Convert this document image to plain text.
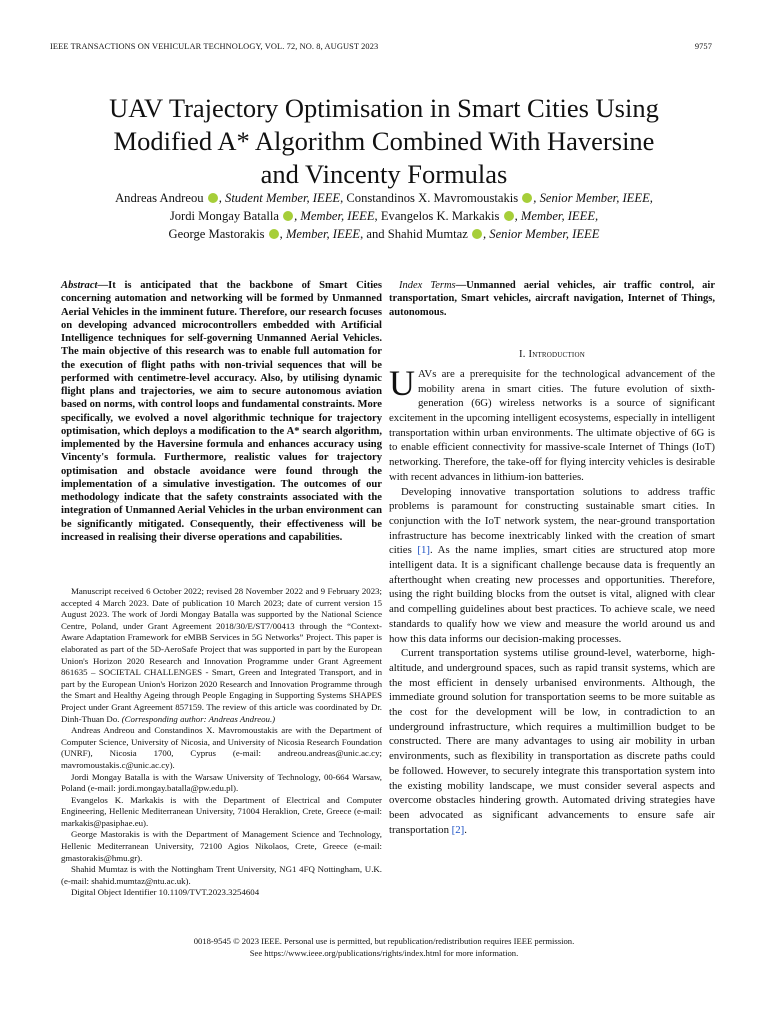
IEEE TRANSACTIONS ON VEHICULAR TECHNOLOGY, VOL. 72, NO. 8, AUGUST 2023	9757
UAV Trajectory Optimisation in Smart Cities Using
Modified A* Algorithm Combined With Haversine
and Vincenty Formulas
Andreas Andreou , Student Member, IEEE, Constandinos X. Mavromoustakis , Senior Member, IEEE,
Jordi Mongay Batalla , Member, IEEE, Evangelos K. Markakis , Member, IEEE,
George Mastorakis , Member, IEEE, and Shahid Mumtaz , Senior Member, IEEE
Abstract—It is anticipated that the backbone of Smart Cities concerning automation and networking will be formed by Unmanned Aerial Vehicles in the imminent future. Therefore, our research focuses on developing advanced microcontrollers embedded with Artificial Intelligence techniques for self-governing Unmanned Aerial Vehicles. The main objective of this research was to enable full automation for the execution of flight paths with non-trivial sequences that will be performed with centimetre-level accuracy. Also, by utilising dynamic flight plans and trajectories, we aim to secure autonomous aviation based on norms, with control loops and fundamental constraints. More specifically, we evolved a novel algorithmic technique for trajectory optimisation, which deploys a modification to the A* search algorithm, implemented by the Haversine formula and enhances accuracy using Vincenty's formula. Furthermore, realistic values for trajectory optimisation and obstacle avoidance were found through the implementation of a simulative investigation. The outcomes of our methodology indicate that the safety constraints associated with the integration of Unmanned Aerial Vehicles in the urban environment can be significantly mitigated. Consequently, their effectiveness will be increased in realising their diverse operations and capabilities.

Manuscript received 6 October 2022; revised 28 November 2022 and 9 February 2023; accepted 4 March 2023. Date of publication 10 March 2023; date of current version 15 August 2023. The work of Jordi Mongay Batalla was supported by the National Science Centre, Poland, under Grant Agreement 2018/30/E/ST7/00413 through the “Context-Aware Adaptation Framework for eMBB Services in 5G Networks” Project. This paper is elaborated as part of the 5D-AeroSafe Project that was supported in part by the European Union's Horizon 2020 Research and Innovation Programme under Grant Agreement 861635 – SOCIETAL CHALLENGES - Smart, Green and Integrated Transport, and in part by the European Union's Horizon 2020 Research and Innovation Programme through the Smart and Healthy Ageing through People Engaging in Supporting Systems SHAPES Project under Grant Agreement 857159. The review of this article was coordinated by Dr. Dinh-Thuan Do. (Corresponding author: Andreas Andreou.)

Andreas Andreou and Constandinos X. Mavromoustakis are with the Department of Computer Science, University of Nicosia, and University of Nicosia Research Foundation (UNRF), Nicosia 1700, Cyprus (e-mail: andreou.andreas@unic.ac.cy; mavromoustakis.c@unic.ac.cy).

Jordi Mongay Batalla is with the Warsaw University of Technology, 00-664 Warsaw, Poland (e-mail: jordi.mongay.batalla@pw.edu.pl).

Evangelos K. Markakis is with the Department of Electrical and Computer Engineering, Hellenic Mediterranean University, 71004 Heraklion, Crete, Greece (e-mail: markakis@pasiphae.eu).

George Mastorakis is with the Department of Management Science and Technology, Hellenic Mediterranean University, 72100 Agios Nikolaos, Crete, Greece (e-mail: gmastorakis@hmu.gr).

Shahid Mumtaz is with the Nottingham Trent University, NG1 4FQ Nottingham, U.K. (e-mail: shahid.mumtaz@ntu.ac.uk).

Digital Object Identifier 10.1109/TVT.2023.3254604

Index Terms—Unmanned aerial vehicles, air traffic control, air transportation, Smart vehicles, aircraft navigation, Internet of Things, autonomous.
I. Introduction

U AVs are a prerequisite for the technological advancement of the mobility arena in smart cities. The future evolution of sixth-generation (6G) wireless networks is a source of significant excitement in the upcoming intelligent ecosystems, especially in intelligent transportation within urban environments. The ultimate objective of 6G is to enable efficient connectivity for massive-scale Internet of Things (IoT) networking. Therefore, the take-off for flying intercity vehicles is desirable with recent advances in lithium-ion batteries.

Developing innovative transportation solutions to address traffic problems is paramount for constructing sustainable smart cities. In conjunction with the IoT network system, the near-ground transportation infrastructure has become inextricably linked with the creation of smart cities [1]. As the name implies, smart cities are structured atop more intelligent data. It is a significant challenge because data is frequently an afterthought when creating new processes and opportunities. Therefore, using the right building blocks from the outset is vital, aligned with clear and compelling guidelines about best practices. To achieve scale, we need standards to qualify how we view and measure the world around us and how this data informs our decision-making processes.

Current transportation systems utilise ground-level, waterborne, high-altitude, and underground spaces, such as rapid transit systems, which are the most efficient in densely urbanised environments. Although, the immediate ground solution for transportation seems to be more suitable as the cost for the development will be low, in contradiction to an underground infrastructure, which requires a multimillion budget to be constructed. There are many advantages to using air mobility in urban environments, such as flexibility in transportation as discrete paths could be followed. However, to securely integrate this transportation system into the existing mobility landscape, we must consider several aspects and overcome obstacles hindering growth. Automated driving strategies have been advocated as significant advancements to ensure safe air transportation [2].

0018-9545 © 2023 IEEE. Personal use is permitted, but republication/redistribution requires IEEE permission.
See https://www.ieee.org/publications/rights/index.html for more information.
